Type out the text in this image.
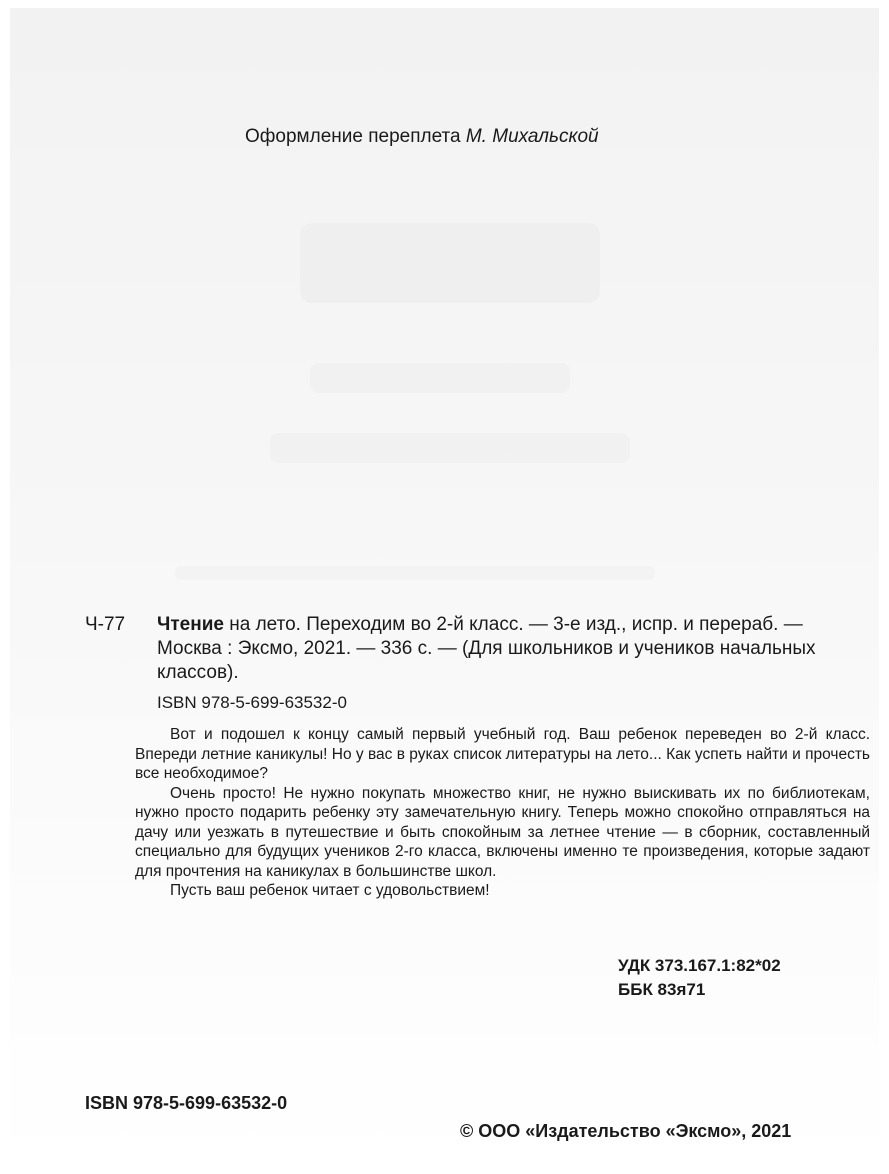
Оформление переплета М. Михальской
Ч-77 Чтение на лето. Переходим во 2-й класс. — 3-е изд., испр. и перераб. — Москва : Эксмо, 2021. — 336 с. — (Для школьников и учеников начальных классов).
ISBN 978-5-699-63532-0

Вот и подошел к концу самый первый учебный год. Ваш ребенок переведен во 2-й класс. Впереди летние каникулы! Но у вас в руках список литературы на лето... Как успеть найти и прочесть все необходимое?

Очень просто! Не нужно покупать множество книг, не нужно выискивать их по библиотекам, нужно просто подарить ребенку эту замечательную книгу. Теперь можно спокойно отправляться на дачу или уезжать в путешествие и быть спокойным за летнее чтение — в сборник, составленный специально для будущих учеников 2-го класса, включены именно те произведения, которые задают для прочтения на каникулах в большинстве школ.

Пусть ваш ребенок читает с удовольствием!

УДК 373.167.1:82*02
ББК 83я71
ISBN 978-5-699-63532-0
© ООО «Издательство «Эксмо», 2021
